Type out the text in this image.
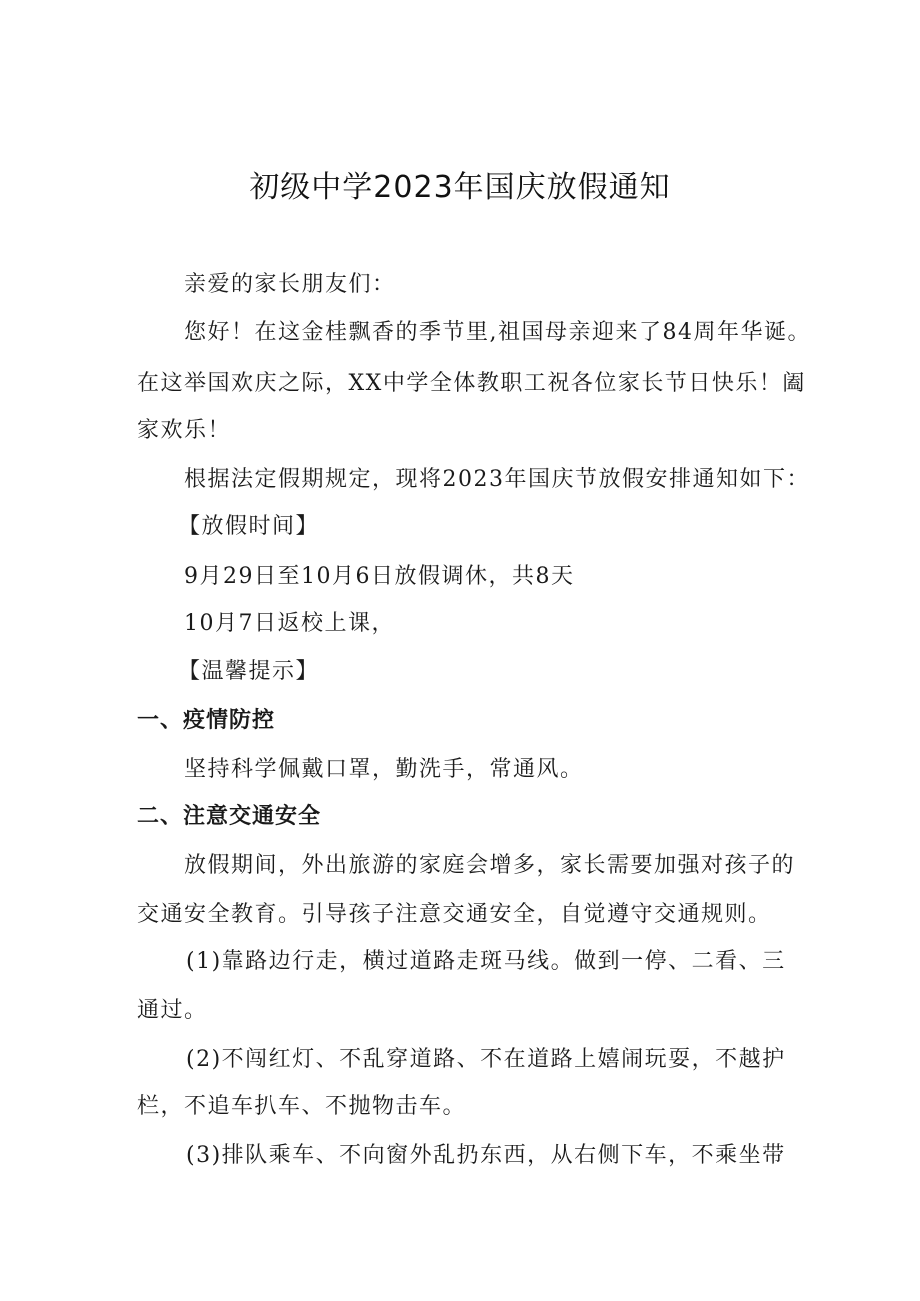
初级中学2023年国庆放假通知
亲爱的家长朋友们：
您好！在这金桂飘香的季节里,祖国母亲迎来了84周年华诞。
在这举国欢庆之际，XX中学全体教职工祝各位家长节日快乐！阖
家欢乐！
根据法定假期规定，现将2023年国庆节放假安排通知如下：
【放假时间】
9月29日至10月6日放假调休，共8天
10月7日返校上课，
【温馨提示】
一、疫情防控
坚持科学佩戴口罩，勤洗手，常通风。
二、注意交通安全
放假期间，外出旅游的家庭会增多，家长需要加强对孩子的
交通安全教育。引导孩子注意交通安全，自觉遵守交通规则。
(1)靠路边行走，横过道路走斑马线。做到一停、二看、三
通过。
(2)不闯红灯、不乱穿道路、不在道路上嬉闹玩耍，不越护
栏，不追车扒车、不抛物击车。
(3)排队乘车、不向窗外乱扔东西，从右侧下车，不乘坐带
